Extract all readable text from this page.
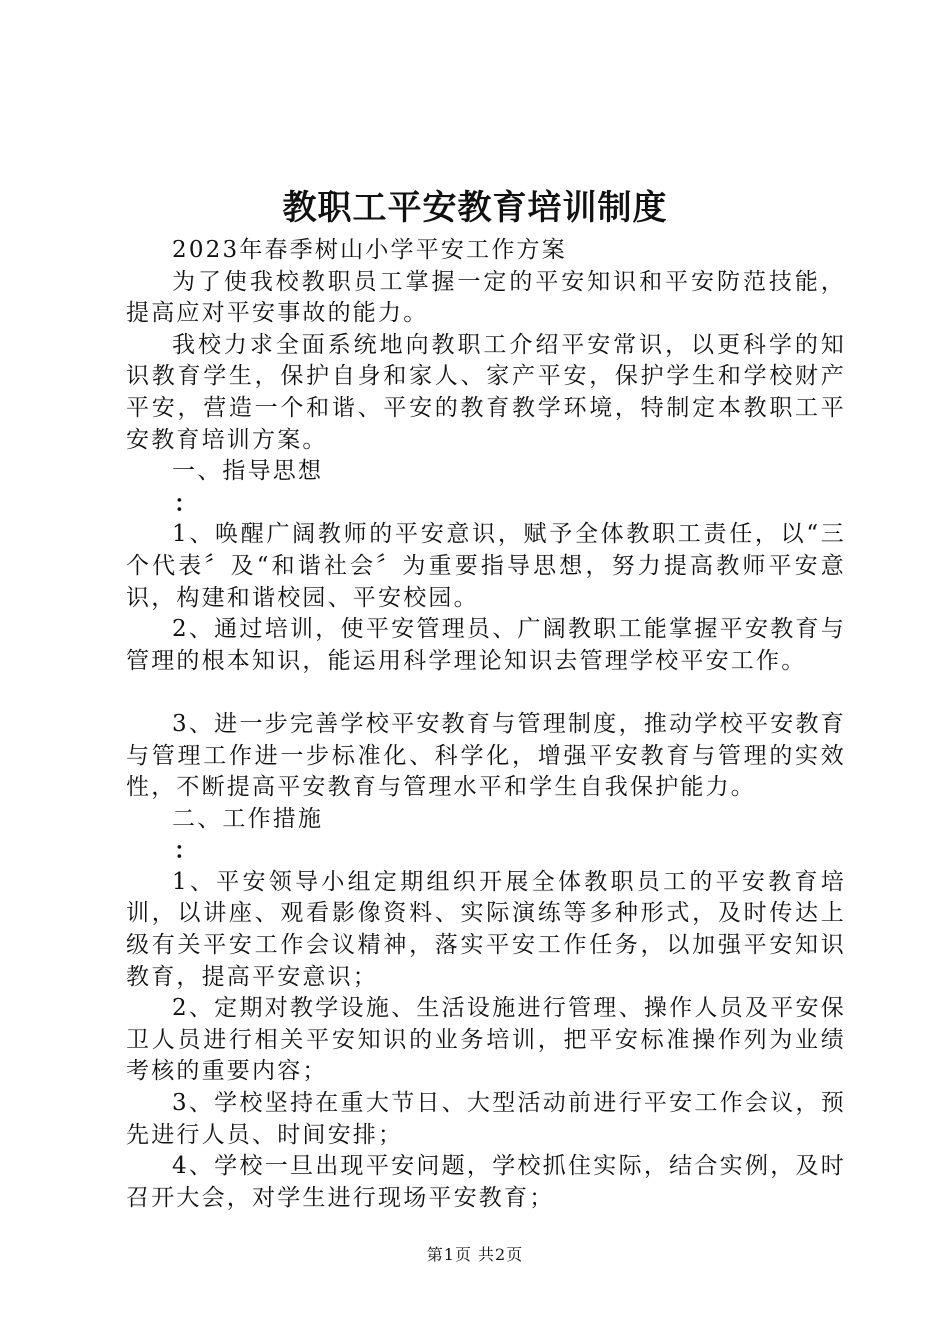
教职工平安教育培训制度

2023年春季树山小学平安工作方案

为了使我校教职员工掌握一定的平安知识和平安防范技能，提高应对平安事故的能力。

我校力求全面系统地向教职工介绍平安常识，以更科学的知识教育学生，保护自身和家人、家产平安，保护学生和学校财产平安，营造一个和谐、平安的教育教学环境，特制定本教职工平安教育培训方案。

一、指导思想

：

1、唤醒广阔教师的平安意识，赋予全体教职工责任，以“三个代表〞及“和谐社会〞为重要指导思想，努力提高教师平安意识，构建和谐校园、平安校园。

2、通过培训，使平安管理员、广阔教职工能掌握平安教育与管理的根本知识，能运用科学理论知识去管理学校平安工作。

3、进一步完善学校平安教育与管理制度，推动学校平安教育与管理工作进一步标准化、科学化，增强平安教育与管理的实效性，不断提高平安教育与管理水平和学生自我保护能力。

二、工作措施

：

1、平安领导小组定期组织开展全体教职员工的平安教育培训，以讲座、观看影像资料、实际演练等多种形式，及时传达上级有关平安工作会议精神，落实平安工作任务，以加强平安知识教育，提高平安意识；

2、定期对教学设施、生活设施进行管理、操作人员及平安保卫人员进行相关平安知识的业务培训，把平安标准操作列为业绩考核的重要内容；

3、学校坚持在重大节日、大型活动前进行平安工作会议，预先进行人员、时间安排；

4、学校一旦出现平安问题，学校抓住实际，结合实例，及时召开大会，对学生进行现场平安教育；

第1页 共2页
